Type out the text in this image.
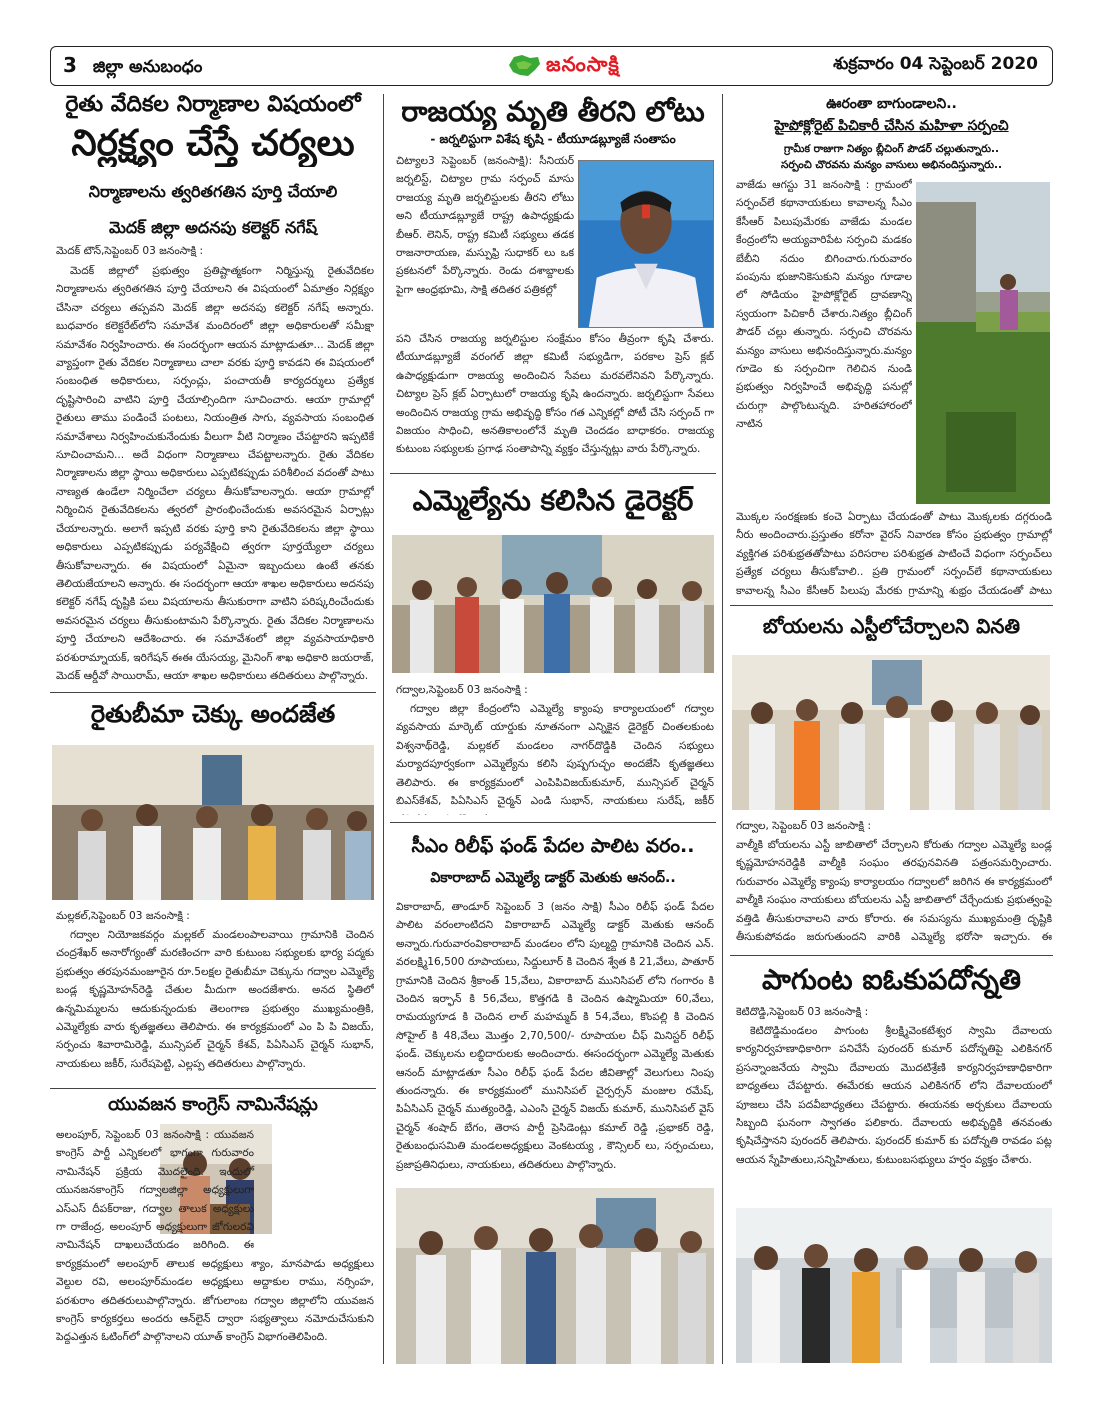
3 జిల్లా అనుబంధం	జనంసాక్షి	శుక్రవారం 04 సెప్టెంబర్ 2020
రైతు వేదికల నిర్మాణాల విషయంలో
నిర్లక్ష్యం చేస్తే చర్యలు
నిర్మాణాలను త్వరితగతిన పూర్తి చేయాలి
మెదక్‌ జిల్లా అదనపు కలెక్టర్‌ నగేష్‌
మెదక్‌ టౌన్‌,సెప్టెంబర్‌ 03 జనంసాక్షి :
మెదక్‌ జిల్లాలో ప్రభుత్వం ప్రతిష్టాత్మకంగా నిర్మిస్తున్న రైతువేదికల నిర్మాణాలను త్వరితగతిన పూర్తి చేయాలని ఈ విషయంలో ఏమాత్రం నిర్లక్ష్యం చేసినా చర్యలు తప్పవని మెదక్‌ జిల్లా అదనపు కలెక్టర్‌ నగేష్‌ అన్నారు. బుధవారం కలెక్టరేట్‌లోని సమావేశ మందిరంలో జిల్లా అధికారులతో సమీక్షా సమావేశం నిర్వహించారు. ఈ సందర్భంగా ఆయన మాట్లాడుతూ... మెదక్‌ జిల్లా వ్యాప్తంగా రైతు వేదికల నిర్మాణాలు చాలా వరకు పూర్తి కావడని ఈ విషయంలో సంబంధిత అధికారులు, సర్పంచ్లు, పంచాయతీ కార్యదర్శులు ప్రత్యేక దృష్టిసారించి వాటిని పూర్తి చేయాల్సిందిగా సూచించారు. ఆయా గ్రామాల్లో రైతులు తాము పండించే పంటలు, నియంత్రిత సాగు, వ్యవసాయ సంబంధిత సమావేశాలు నిర్వహించుకునేందుకు వీలుగా వీటి నిర్మాణం చేపట్టారని ఇప్పటికే సూచించామని... అదే విధంగా నిర్మాణాలు చేపట్టాలన్నారు. రైతు వేదికల నిర్మాణాలను జిల్లా స్థాయి అధికారులు ఎప్పటికప్పుడు పరిశీలించ వదంతో పాటు నాణ్యత ఉండేలా నిర్మించేలా చర్యలు తీసుకోవాలన్నారు. ఆయా గ్రామాల్లో నిర్మించిన రైతువేదికలను త్వరలో ప్రారంభించేందుకు అవసరమైన ఏర్పాట్లు చేయాలన్నారు. అలాగే ఇప్పటి వరకు పూర్తి కాని రైతువేదికలను జిల్లా స్థాయి అధికారులు ఎప్పటికప్పుడు పర్యవేక్షించి త్వరగా పూర్తయ్యేలా చర్యలు తీసుకోవాలన్నారు. ఈ విషయంలో ఏమైనా ఇబ్బందులు ఉంటే తనకు తెలియజేయాలని అన్నారు. ఈ సందర్భంగా ఆయా శాఖల అధికారులు అదనపు కలెక్టర్‌ నగేష్‌ దృష్టికి పలు విషయాలను తీసుకురాగా వాటిని పరిష్కరించేందుకు అవసరమైన చర్యలు తీసుకుంటామని పేర్కొన్నారు. రైతు వేదికల నిర్మాణాలను పూర్తి చేయాలని ఆదేశించారు. ఈ సమావేశంలో జిల్లా వ్యవసాయాధికారి పరశురామ్నాయక్‌, ఇరిగేషన్‌ ఈఈ యేసయ్య, మైనింగ్‌ శాఖ అధికారి జయరాజ్‌, మెదక్‌ ఆర్డీవో సాయిరామ్‌, ఆయా శాఖల అధికారులు తదితరులు పాల్గొన్నారు.
రైతుబీమా చెక్కు అందజేత
మల్లకల్‌,సెప్టెంబర్‌ 03 జనంసాక్షి :
గద్వాల నియోజకవర్గం మల్లకల్‌ మండలంపాలవాయి గ్రామానికి చెందిన చంద్రశేఖర్‌ అనారోగ్యంతో మరణించగా వారి కుటుంబ సభ్యులకు భార్య పద్మకు ప్రభుత్వం తరపునమంజూరైన రూ.5లక్షల రైతుబీమా చెక్కును గద్వాల ఎమ్మెల్యే బండ్ల కృష్ణమోహన్‌రెడ్డి చేతుల మీదుగా అందజేశారు. అనద స్థితిలో ఉన్నమిమ్మలను ఆదుకున్నందుకు తెలంగాణ ప్రభుత్వం ముఖ్యమంత్రికి, ఎమ్మెల్యేకు వారు కృతజ్ఞతలు తెలిపారు. ఈ కార్యక్రమంలో ఎం పి పి విజయ్‌, సర్పంచు శివారామిరెడ్డి, మున్సిపల్‌ చైర్మన్‌ కేశవ్‌, పిఏసిఎస్‌ చైర్మన్‌ సుభాన్‌, నాయకులు జకీర్‌, సురేషపెట్టి, ఎల్లప్ప తదితరులు పాల్గొన్నారు.
యువజన కాంగ్రెస్‌ నామినేషన్లు
అలంపూర్‌, సెప్టెంబర్‌ 03 జనంసాక్షి : యువజన కాంగ్రెస్‌ పార్టీ ఎన్నికలలో భాగంగా గురువారం నామినేషన్‌ ప్రక్రియ మొదలైంది. ఇందులో యునజనకాంగ్రెస్‌ గద్వాలజిల్లా అధ్యక్షులుగా ఎస్‌ఎస్‌ దీపక్‌రాజు, గద్వాల తాలుక అధ్యక్షులు గా రాజేంద్ర, అలంపూర్‌ అధ్యక్షులుగా జోగులరవి నామినేషన్‌ దాఖలుచేయడం జరిగింది. ఈ కార్యక్రమంలో అలంపూర్‌ తాలుక అధ్యక్షులు శ్యాం, మానపాడు అధ్యక్షులు వెల్దుల రవి, అలంపూర్‌మండల అధ్యక్షులు అద్దాకుల రాము, నర్సింహ, పరశురాం తదితరులుపాల్గొన్నారు. జోగులాంబ గద్వాల జిల్లాలోని యువజన కాంగ్రెస్‌ కార్యకర్తలు అందరు ఆన్‌లైన్‌ ద్వారా సభ్యత్వాలు నమోదుచేసుకుని పెద్దఎత్తున ఓటింగ్‌లో పాల్గొనాలని యూత్‌ కాంగ్రెస్‌ విభాగంతెలిపింది.
రాజయ్య మృతి తీరని లోటు
- జర్నలిస్టుగా విశేష కృషి - టీయూడబ్ల్యూజే సంతాపం
చిట్యాల3 సెప్టెంబర్‌ (జనంసాక్షి): సీనియర్‌ జర్నలిస్ట్‌, చిట్యాల గ్రామ సర్పంచ్‌ మాసు రాజయ్య మృతి జర్నలిస్టులకు తీరని లోటు అని టీయూడబ్ల్యూజే రాష్ట్ర ఉపాధ్యక్షుడు బీఆర్‌. లెనిన్‌, రాష్ట్ర కమిటీ సభ్యులు తడక రాజనారాయణ, మస్పుఫ్రి సుధాకర్‌ లు ఒక ప్రకటనలో పేర్కొన్నారు. రెండు దశాబ్దాలకు పైగా ఆంధ్రభూమి, సాక్షి తదితర పత్రికల్లో
పని చేసిన రాజయ్య జర్నలిస్టుల సంక్షేమం కోసం తీవ్రంగా కృషి చేశారు. టీయూడబ్ల్యూజే వరంగల్‌ జిల్లా కమిటీ సభ్యుడిగా, పరకాల ప్రెస్‌ క్లబ్‌ ఉపాధ్యక్షుడుగా రాజయ్య అందించిన సేవలు మరవలేనివని పేర్కొన్నారు. చిట్యాల ప్రెస్‌ క్లబ్‌ ఏర్పాటులో రాజయ్య కృషి ఉందన్నారు. జర్నలిస్టుగా సేవలు అందించిన రాజయ్య గ్రామ అభివృద్ధి కోసం గత ఎన్నికల్లో పోటీ చేసి సర్పంచ్‌ గా విజయం సాధించి, అనతికాలంలోనే మృతి చెందడం బాధాకరం. రాజయ్య కుటుంబ సభ్యులకు ప్రగాఢ సంతాపాన్ని వ్యక్తం చేస్తున్నట్లు వారు పేర్కొన్నారు.
ఎమ్మెల్యేను కలిసిన డైరెక్టర్‌
గద్వాల,సెప్టెంబర్‌ 03 జనంసాక్షి :
గద్వాల జిల్లా కేంద్రంలోని ఎమ్మెల్యే క్యాంపు కార్యాలయంలో గద్వాల వ్యవసాయ మార్కెట్‌ యార్డుకు నూతనంగా ఎన్నికైన డైరెక్టర్‌ చింతలకుంట విశ్వనాథ్‌రెడ్డి, మల్లకల్‌ మండలం నాగర్‌దొడ్డికి చెందిన సభ్యులు మర్యాదపూర్వకంగా ఎమ్మెల్యేను కలిసి పుష్పగుచ్ఛం అందజేసి కృతజ్ఞతలు తెలిపారు. ఈ కార్యక్రమంలో ఎంపిపివిజయ్‌కుమార్‌, మున్సిపల్‌ చైర్మన్‌ బిఎస్‌కేశవ్‌, పిఏసిఎస్‌ చైర్మన్‌ ఎండి సుభాన్‌, నాయకులు సురేష్‌, జకీర్‌
సీఎం రిలీఫ్‌ ఫండ్‌ పేదల పాలిట వరం..
వికారాబాద్‌ ఎమ్మెల్యే డాక్టర్‌ మెతుకు ఆనంద్‌..
వికారాబాద్‌, తాండూర్‌ సెప్టెంబర్‌ 3 (జనం సాక్షి) సీఎం రిలీఫ్‌ ఫండ్‌ పేదల పాలిట వరంలాంటిదని వికారాబాద్‌ ఎమ్మెల్యే డాక్టర్‌ మెతుకు ఆనంద్‌ అన్నారు.గురువారంవికారాబాద్‌ మండలం లోని పుల్మద్ది గ్రామానికి చెందిన ఎన్‌. వరలక్ష్మి16,500 రూపాయలు, సిద్దులూర్‌ కి చెందిన శ్వేత కి 21,వేలు, పాతూర్‌ గ్రామానికి చెందిన శ్రీకాంత్‌ 15,వేలు, వికారాబాద్‌ మునిసిపల్‌ లోని గంగారం కి చెందిన ఇర్ఫాన్‌ కి 56,వేలు, కొత్తగడి కి చెందిన ఉష్మామియా 60,వేలు, రామయ్యగూడ కి చెందిన లాల్‌ మహమ్మద్‌ కి 54,వేలు, కొంపల్లి కి చెందిన సోహైల్‌ కి 48,వేలు మొత్తం 2,70,500/- రూపాయల చీఫ్‌ మినిస్టర్‌ రిలీఫ్‌ ఫండ్‌. చెక్కులను లబ్ధిదారులకు అందించారు. ఈసందర్భంగా ఎమ్మెల్యే మెతుకు ఆనంద్‌ మాట్లాడతూ సీఎం రిలీఫ్‌ ఫండ్‌ పేదల జీవితాల్లో వెలుగులు నింపు తుందన్నారు. ఈ కార్యక్రమంలో మునిసిపల్‌ చైర్పర్సన్‌ మంజుల రమేష్‌, పిఏసిఎస్‌ చైర్మన్‌ ముత్యంరెడ్డి, ఎఎంసి చైర్మన్‌ విజయ్‌ కుమార్‌, మునిసిపల్‌ వైస్‌ చైర్మన్‌ శంషాద్‌ బేగం, తెరాస పార్టీ ప్రెసిడెంట్లు కమాల్‌ రెడ్డి ,ప్రభాకర్‌ రెడ్డి, రైతుబంధుసమితి మండలఅధ్యక్షులు వెంకటయ్య , కౌన్సిలర్‌ లు, సర్పంచులు, ప్రజాప్రతినిధులు, నాయకులు, తదితరులు పాల్గొన్నారు.
ఊరంతా బాగుండాలని..
హైపోక్లోరైట్‌ పిచికారీ చేసిన మహిళా సర్పంచి
గ్రామీక రాజుగా నిత్యం బ్లీచింగ్‌ పౌడర్‌ చల్లుతున్నారు..
సర్పంచి చొరవను మన్యం వాసులు అభినందిస్తున్నారు..
వాజేడు ఆగస్టు 31 జనంసాక్షి : గ్రామంలో సర్పంచ్‌లే కథానాయకులు కావాలన్న సీఎం కేసీఆర్‌ పిలుపుమేరకు వాజేడు మండల కేంద్రంలోని అయ్యవారిపేట సర్పంచి మడకం బేబీని నదుం బిగించారు.గురువారం పంపును భుజానికెసుకుని మన్యం గూడాల లో సోడియం హైపోక్లోరైట్‌ ద్రావణాన్ని స్వయంగా పిచికారీ చేశారు.నిత్యం బ్లీచింగ్‌ పౌడర్‌ చల్లు తున్నారు. సర్పంచి చొరవను మన్యం వాసులు అభినందిస్తున్నారు.మన్యం గూడెం కు సర్పంచిగా గెలిచిన నుండి ప్రభుత్వం నిర్వహించే అభివృద్ధి పనుల్లో చురుగ్గా పాల్గొంటున్నది. హరితహారంలో నాటిన
మొక్కల సంరక్షణకు కంచె ఏర్పాటు చేయడంతో పాటు మొక్కలకు దగ్గరుండి నీరు అందించారు.ప్రస్తుతం కరోనా వైరస్‌ నివారణ కోసం ప్రభుత్వం గ్రామాల్లో వ్యక్తిగత పరిశుభ్రతతోపాటు పరిసరాల పరిశుభ్రత పాటించే విధంగా సర్పంచ్‌లు ప్రత్యేక చర్యలు తీసుకోవాలి.. ప్రతి గ్రామంలో సర్పంచ్‌లే కథానాయకులు కావాలన్న సీఎం కేసీఆర్‌ పిలుపు మేరకు గ్రామాన్ని శుభ్రం చేయడంతో పాటు
బోయలను ఎస్టీలోచేర్చాలని వినతి
గద్వాల, సెప్టెంబర్‌ 03 జనంసాక్షి :
వాల్మీకి బోయలను ఎస్టీ జాబితాలో చేర్చాలని కోరుతు గద్వాల ఎమ్మెల్యే బండ్ల కృష్ణమోహనరెడ్డికి వాల్మీకి సంఘం తరఫునవినతి పత్రంసమర్పించారు. గురువారం ఎమ్మెల్యే క్యాంపు కార్యాలయం గద్వాలలో జరిగిన ఈ కార్యక్రమంలో వాల్మీకి సంఘం నాయకులు బోయలను ఎస్టీ జాబితాలో చేర్చేందుకు ప్రభుత్వంపై వత్తిడి తీసుకురావాలని వారు కోరారు. ఈ సమస్యను ముఖ్యమంత్రి దృష్టికి తీసుకుపోవడం జరుగుతుందని వారికి ఎమ్మెల్యే భరోసా ఇచ్చారు. ఈ
పాగుంట ఐఓకుపదోన్నతి
కెటిదొడ్డి,సెప్టెంబర్‌ 03 జనంసాక్షి :
కెటిదొడ్డిమండలం పాగుంట శ్రీలక్ష్మివెంకటేశ్వర స్వామి దేవాలయ కార్యనిర్వహణాధికారిగా పనిచేసే పురందర్‌ కుమార్‌ పదోన్నతిపై ఎలికినగర్‌ ప్రసన్నాంజనేయ స్వామి దేవాలయ మొదటిశ్రేణి కార్యనిర్వహణాధికారిగా బాధ్యతలు చేపట్టారు. ఈమేరకు ఆయన ఎలికినగర్‌ లోని దేవాలయంలో పూజలు చేసి పదవీబాధ్యతలు చేపట్టారు. ఈయనకు అర్చకులు దేవాలయ సిబ్బంది ఘనంగా స్వాగతం పలికారు. దేవాలయ అభివృద్దికి తనవంతు కృషిచేస్తానని పురందర్‌ తెలిపారు. పురందర్‌ కుమార్‌ కు పదోన్నతి రావడం పట్ల ఆయన స్నేహితులు,సన్నిహితులు, కుటుంబసభ్యులు హర్షం వ్యక్తం చేశారు.
